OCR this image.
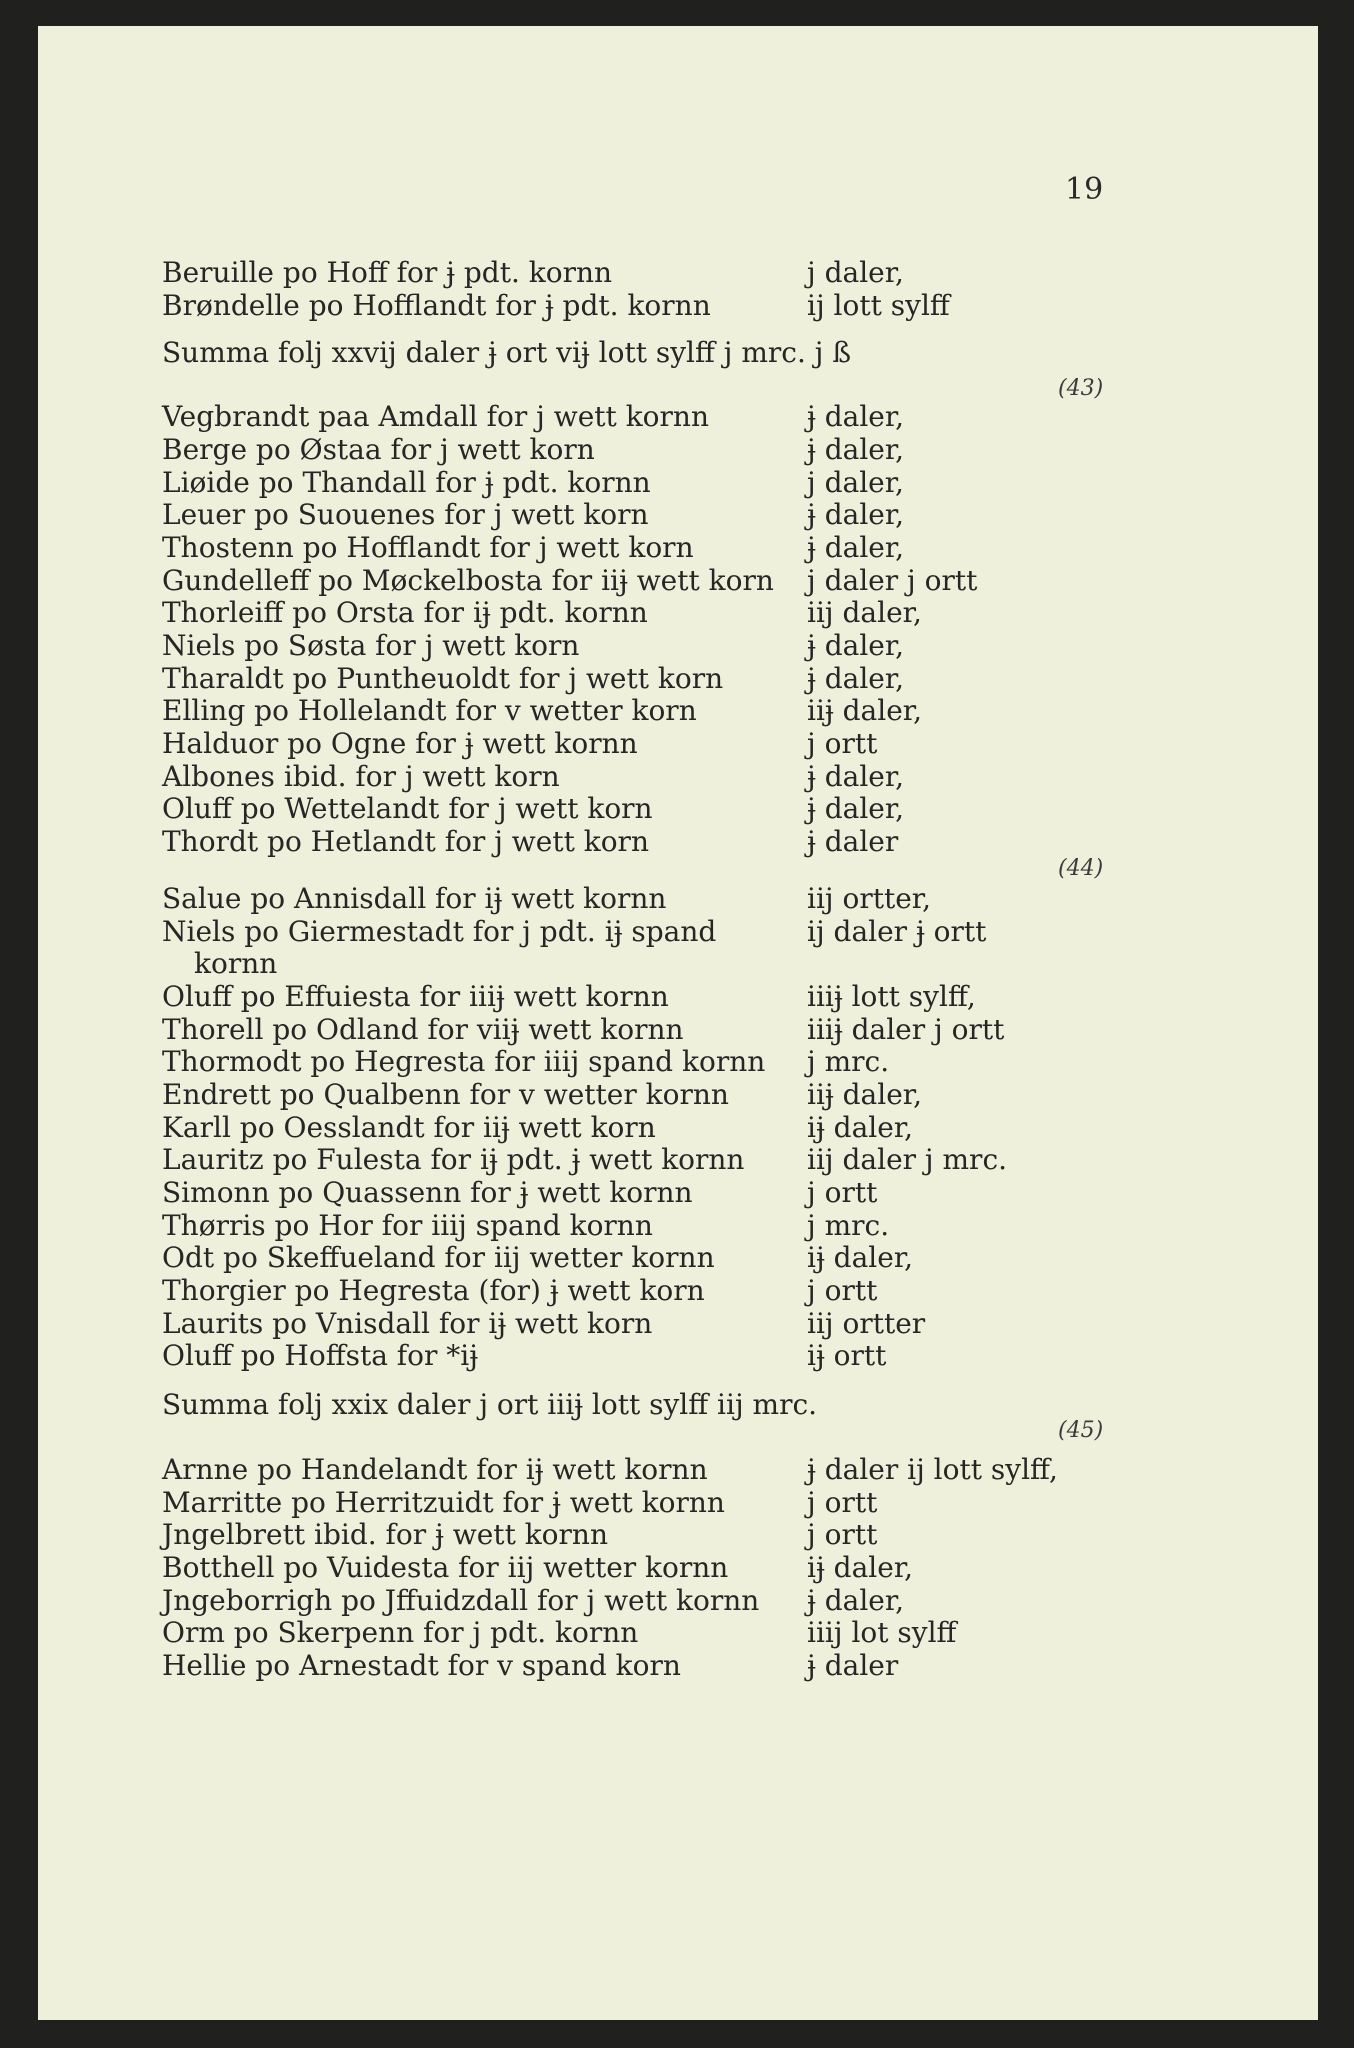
19
Beruille po Hoff for ɉ pdt. kornn	j daler,
Brøndelle po Hofflandt for ɉ pdt. kornn	ij lott sylff
Summa folj xxvij daler ɉ ort viɉ lott sylff j mrc. j ß
(43)
Vegbrandt paa Amdall for j wett kornn	ɉ daler,
Berge po Østaa for j wett korn	ɉ daler,
Liøide po Thandall for ɉ pdt. kornn	j daler,
Leuer po Suouenes for j wett korn	ɉ daler,
Thostenn po Hofflandt for j wett korn	ɉ daler,
Gundelleff po Møckelbosta for iiɉ wett korn j daler j ortt
Thorleiff po Orsta for iɉ pdt. kornn	iij daler,
Niels po Søsta for j wett korn	ɉ daler,
Tharaldt po Puntheuoldt for j wett korn	ɉ daler,
Elling po Hollelandt for v wetter korn	iiɉ daler,
Halduor po Ogne for ɉ wett kornn	j ortt
Albones ibid. for j wett korn	ɉ daler,
Oluff po Wettelandt for j wett korn	ɉ daler,
Thordt po Hetlandt for j wett korn	ɉ daler
(44)
Salue po Annisdall for iɉ wett kornn	iij ortter,
Niels po Giermestadt for j pdt. iɉ spand	ij daler ɉ ortt
kornn
Oluff po Effuiesta for iiiɉ wett kornn	iiiɉ lott sylff,
Thorell po Odland for viiɉ wett kornn	iiiɉ daler j ortt
Thormodt po Hegresta for iiij spand kornn j mrc.
Endrett po Qualbenn for v wetter kornn	iiɉ daler,
Karll po Oesslandt for iiɉ wett korn	iɉ daler,
Lauritz po Fulesta for iɉ pdt. ɉ wett kornn iij daler j mrc.
Simonn po Quassenn for ɉ wett kornn	j ortt
Thørris po Hor for iiij spand kornn	j mrc.
Odt po Skeffueland for iij wetter kornn	iɉ daler,
Thorgier po Hegresta (for) ɉ wett korn	j ortt
Laurits po Vnisdall for iɉ wett korn	iij ortter
Oluff po Hoffsta for *iɉ	iɉ ortt
Summa folj xxix daler j ort iiiɉ lott sylff iij mrc.
(45)
Arnne po Handelandt for iɉ wett kornn	ɉ daler ij lott sylff,
Marritte po Herritzuidt for ɉ wett kornn	j ortt
Jngelbrett ibid. for ɉ wett kornn	j ortt
Botthell po Vuidesta for iij wetter kornn	iɉ daler,
Jngeborrigh po Jffuidzdall for j wett kornn ɉ daler,
Orm po Skerpenn for j pdt. kornn	iiij lot sylff
Hellie po Arnestadt for v spand korn	ɉ daler
